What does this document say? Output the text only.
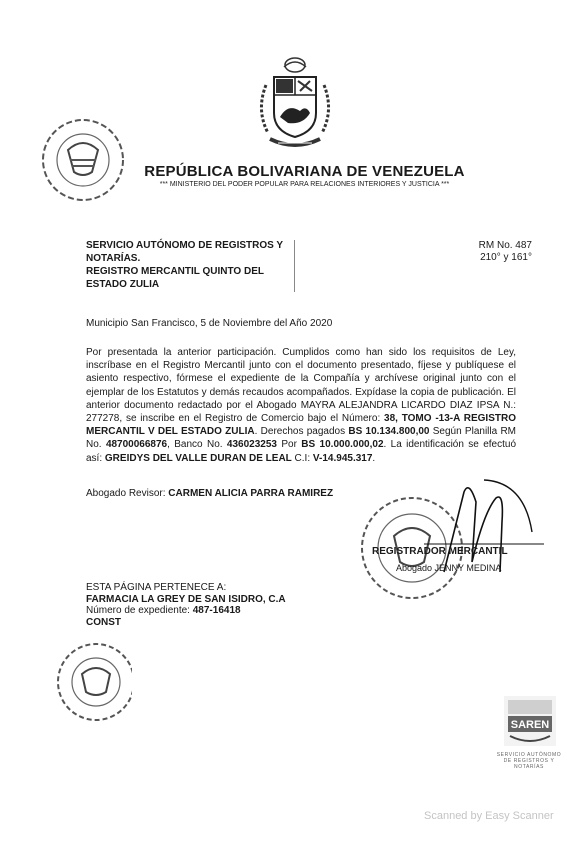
REPÚBLICA BOLIVARIANA DE VENEZUELA
*** MINISTERIO DEL PODER POPULAR PARA RELACIONES INTERIORES Y JUSTICIA ***
SERVICIO AUTÓNOMO DE REGISTROS Y
NOTARÍAS.
REGISTRO MERCANTIL QUINTO DEL
ESTADO ZULIA
RM No. 487
210° y 161°
Municipio San Francisco, 5 de Noviembre del Año 2020
Por presentada la anterior participación. Cumplidos como han sido los requisitos de Ley, inscríbase en el Registro Mercantil junto con el documento presentado, fíjese y publíquese el asiento respectivo, fórmese el expediente de la Compañía y archívese original junto con el ejemplar de los Estatutos y demás recaudos acompañados. Expídase la copia de publicación. El anterior documento redactado por el Abogado MAYRA ALEJANDRA LICARDO DIAZ IPSA N.: 277278, se inscribe en el Registro de Comercio bajo el Número: 38, TOMO -13-A REGISTRO MERCANTIL V DEL ESTADO ZULIA. Derechos pagados BS 10.134.800,00 Según Planilla RM No. 48700066876, Banco No. 436023253 Por BS 10.000.000,02. La identificación se efectuó así: GREIDYS DEL VALLE DURAN DE LEAL C.I: V-14.945.317.
Abogado Revisor: CARMEN ALICIA PARRA RAMIREZ
REGISTRADOR MERCANTIL
Abogado JENNY MEDINA
ESTA PÁGINA PERTENECE A:
FARMACIA LA GREY DE SAN ISIDRO, C.A
Número de expediente: 487-16418
CONST
SAREN
SERVICIO AUTÓNOMO DE REGISTROS Y NOTARÍAS
Scanned by Easy Scanner
